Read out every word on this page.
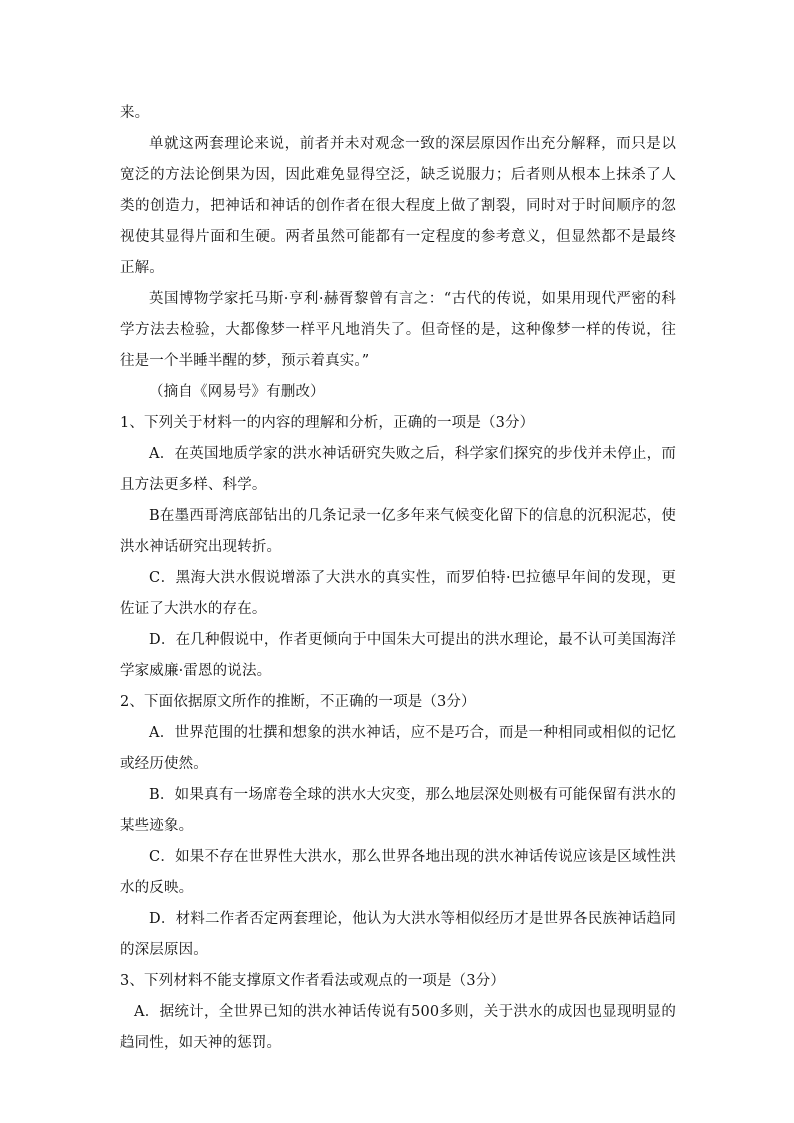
来。

单就这两套理论来说，前者并未对观念一致的深层原因作出充分解释，而只是以宽泛的方法论倒果为因，因此难免显得空泛，缺乏说服力；后者则从根本上抹杀了人类的创造力，把神话和神话的创作者在很大程度上做了割裂，同时对于时间顺序的忽视使其显得片面和生硬。两者虽然可能都有一定程度的参考意义，但显然都不是最终正解。

英国博物学家托马斯·亨利·赫胥黎曾有言之：“古代的传说，如果用现代严密的科学方法去检验，大都像梦一样平凡地消失了。但奇怪的是，这种像梦一样的传说，往往是一个半睡半醒的梦，预示着真实。”

（摘自《网易号》有删改）

1、下列关于材料一的内容的理解和分析，正确的一项是（3分）

A．在英国地质学家的洪水神话研究失败之后，科学家们探究的步伐并未停止，而且方法更多样、科学。

B在墨西哥湾底部钻出的几条记录一亿多年来气候变化留下的信息的沉积泥芯，使洪水神话研究出现转折。

C．黑海大洪水假说增添了大洪水的真实性，而罗伯特·巴拉德早年间的发现，更佐证了大洪水的存在。

D．在几种假说中，作者更倾向于中国朱大可提出的洪水理论，最不认可美国海洋学家威廉·雷恩的说法。

2、下面依据原文所作的推断，不正确的一项是（3分）

A．世界范围的壮撰和想象的洪水神话，应不是巧合，而是一种相同或相似的记忆或经历使然。

B．如果真有一场席卷全球的洪水大灾变，那么地层深处则极有可能保留有洪水的某些迹象。

C．如果不存在世界性大洪水，那么世界各地出现的洪水神话传说应该是区域性洪水的反映。

D．材料二作者否定两套理论，他认为大洪水等相似经历才是世界各民族神话趋同的深层原因。

3、下列材料不能支撑原文作者看法或观点的一项是（3分）

A．据统计，全世界已知的洪水神话传说有500多则，关于洪水的成因也显现明显的趋同性，如天神的惩罚。
